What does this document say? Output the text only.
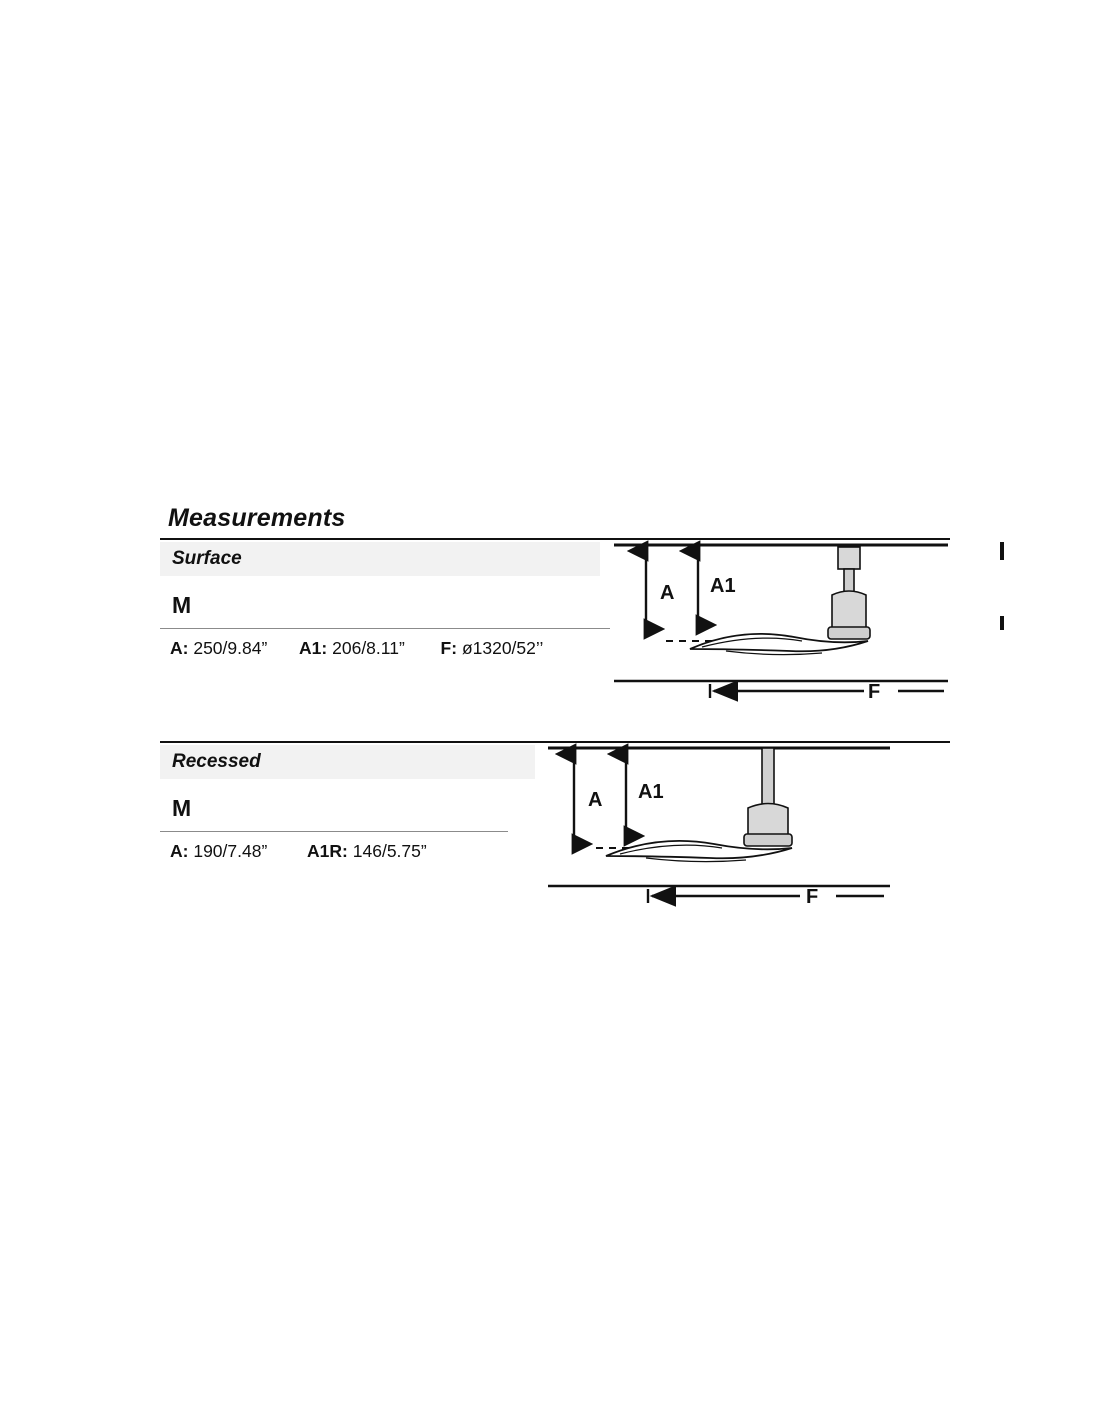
Measurements
Surface
M
A: 250/9.84” A1: 206/8.11” F: ø1320/52’’
A A1
F
Recessed
M
A: 190/7.48” A1R: 146/5.75”
A A1
F
